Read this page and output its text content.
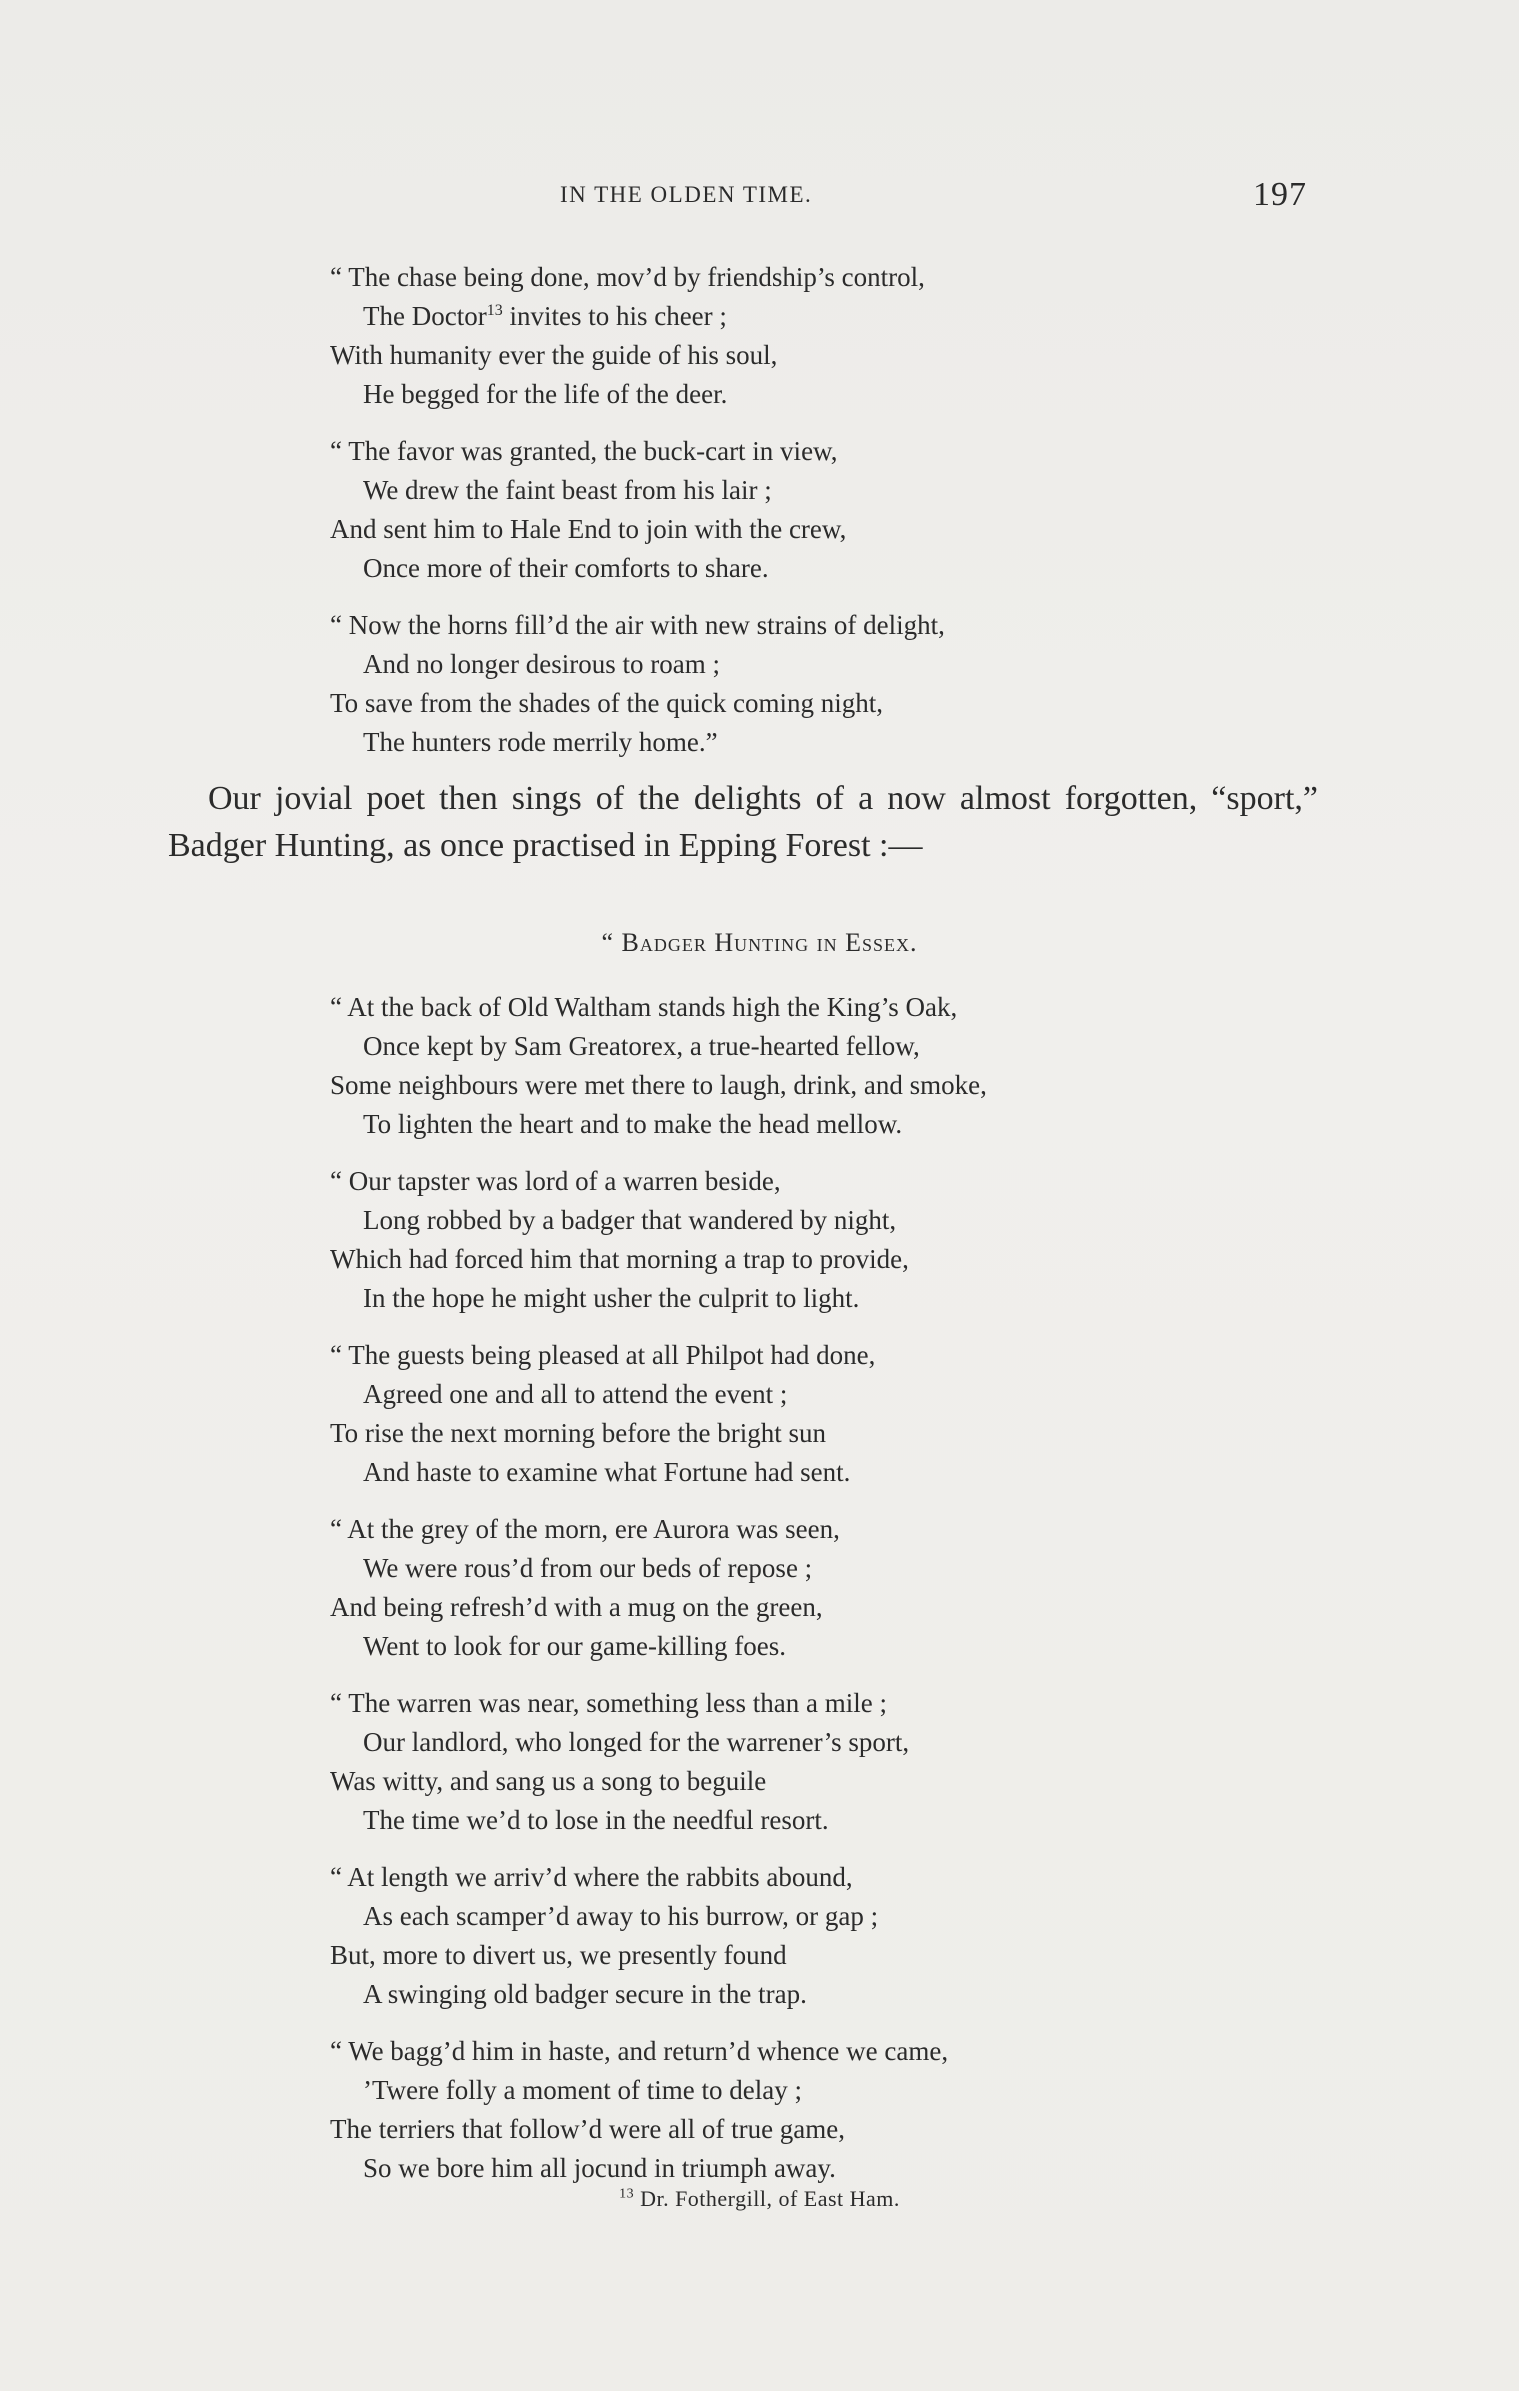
IN THE OLDEN TIME.	197
“ The chase being done, mov’d by friendship’s control,
The Doctor$^{13}$ invites to his cheer ;
With humanity ever the guide of his soul,
He begged for the life of the deer.
“ The favor was granted, the buck-cart in view,
We drew the faint beast from his lair ;
And sent him to Hale End to join with the crew,
Once more of their comforts to share.
“ Now the horns fill’d the air with new strains of delight,
And no longer desirous to roam ;
To save from the shades of the quick coming night,
The hunters rode merrily home.”
Our jovial poet then sings of the delights of a now almost forgotten, “sport,” Badger Hunting, as once practised in Epping Forest :—
“ Badger Hunting in Essex.
“ At the back of Old Waltham stands high the King’s Oak,
Once kept by Sam Greatorex, a true-hearted fellow,
Some neighbours were met there to laugh, drink, and smoke,
To lighten the heart and to make the head mellow.
“ Our tapster was lord of a warren beside,
Long robbed by a badger that wandered by night,
Which had forced him that morning a trap to provide,
In the hope he might usher the culprit to light.
“ The guests being pleased at all Philpot had done,
Agreed one and all to attend the event ;
To rise the next morning before the bright sun
And haste to examine what Fortune had sent.
“ At the grey of the morn, ere Aurora was seen,
We were rous’d from our beds of repose ;
And being refresh’d with a mug on the green,
Went to look for our game-killing foes.
“ The warren was near, something less than a mile ;
Our landlord, who longed for the warrener’s sport,
Was witty, and sang us a song to beguile
The time we’d to lose in the needful resort.
“ At length we arriv’d where the rabbits abound,
As each scamper’d away to his burrow, or gap ;
But, more to divert us, we presently found
A swinging old badger secure in the trap.
“ We bagg’d him in haste, and return’d whence we came,
’Twere folly a moment of time to delay ;
The terriers that follow’d were all of true game,
So we bore him all jocund in triumph away.
$^{13}$ Dr. Fothergill, of East Ham.
